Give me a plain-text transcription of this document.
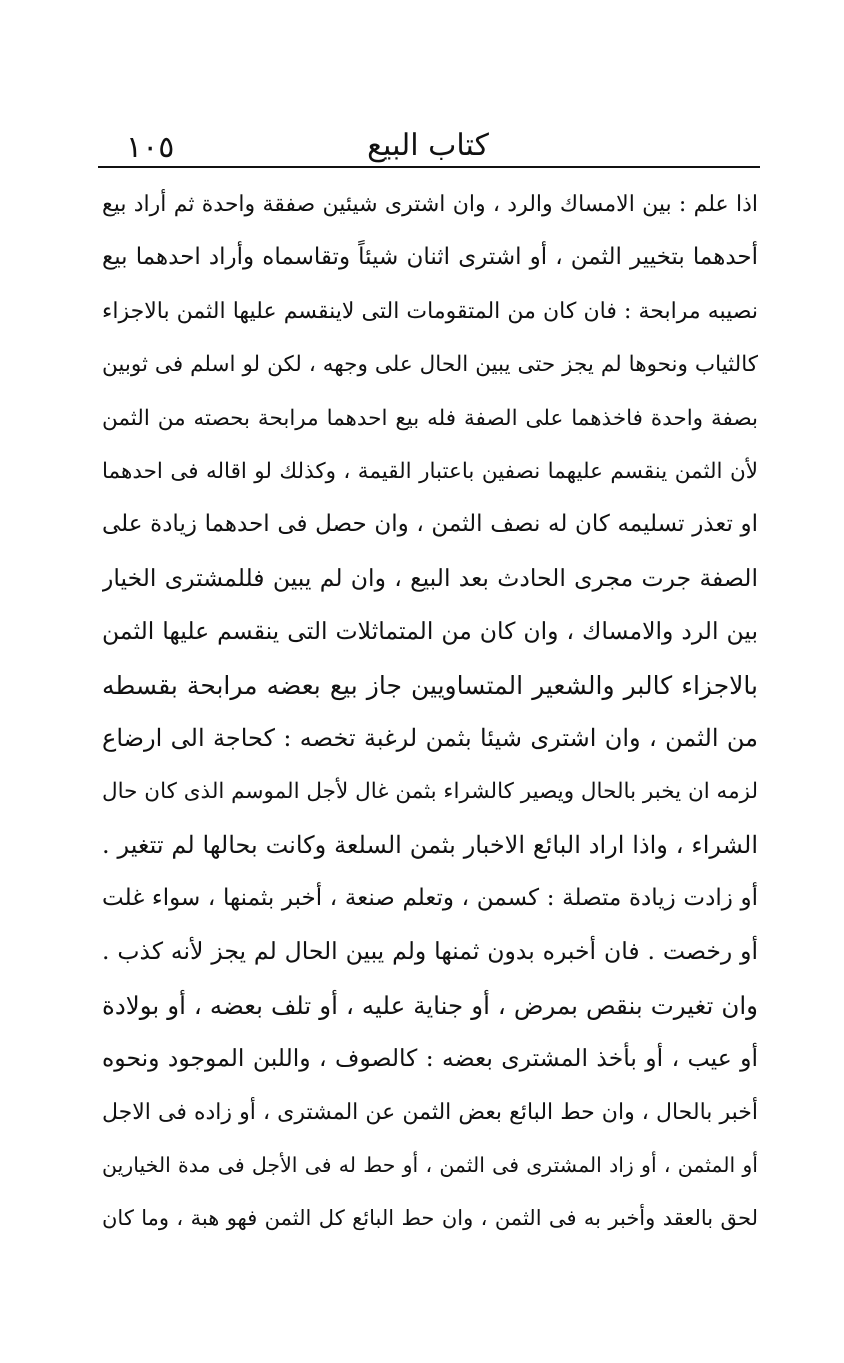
كتاب البيع
١٠٥
اذا علم : بين الامساك والرد ، وان اشترى شيئين صفقة واحدة ثم أراد بيع
أحدهما بتخيير الثمن ، أو اشترى اثنان شيئاً وتقاسماه وأراد احدهما بيع
نصيبه مرابحة : فان كان من المتقومات التى لاينقسم عليها الثمن بالاجزاء
كالثياب ونحوها لم يجز حتى يبين الحال على وجهه ، لكن لو اسلم فى ثوبين
بصفة واحدة فاخذهما على الصفة فله بيع احدهما مرابحة بحصته من الثمن
لأن الثمن ينقسم عليهما نصفين باعتبار القيمة ، وكذلك لو اقاله فى احدهما
او تعذر تسليمه كان له نصف الثمن ، وان حصل فى احدهما زيادة على
الصفة جرت مجرى الحادث بعد البيع ، وان لم يبين فللمشترى الخيار
بين الرد والامساك ، وان كان من المتماثلات التى ينقسم عليها الثمن
بالاجزاء كالبر والشعير المتساويين جاز بيع بعضه مرابحة بقسطه
من الثمن ، وان اشترى شيئا بثمن لرغبة تخصه : كحاجة الى ارضاع
لزمه ان يخبر بالحال ويصير كالشراء بثمن غال لأجل الموسم الذى كان حال
الشراء ، واذا اراد البائع الاخبار بثمن السلعة وكانت بحالها لم تتغير .
أو زادت زيادة متصلة : كسمن ، وتعلم صنعة ، أخبر بثمنها ، سواء غلت
أو رخصت . فان أخبره بدون ثمنها ولم يبين الحال لم يجز لأنه كذب .
وان تغيرت بنقص بمرض ، أو جناية عليه ، أو تلف بعضه ، أو بولادة
أو عيب ، أو بأخذ المشترى بعضه : كالصوف ، واللبن الموجود ونحوه
أخبر بالحال ، وان حط البائع بعض الثمن عن المشترى ، أو زاده فى الاجل
أو المثمن ، أو زاد المشترى فى الثمن ، أو حط له فى الأجل فى مدة الخيارين
لحق بالعقد وأخبر به فى الثمن ، وان حط البائع كل الثمن فهو هبة ، وما كان
